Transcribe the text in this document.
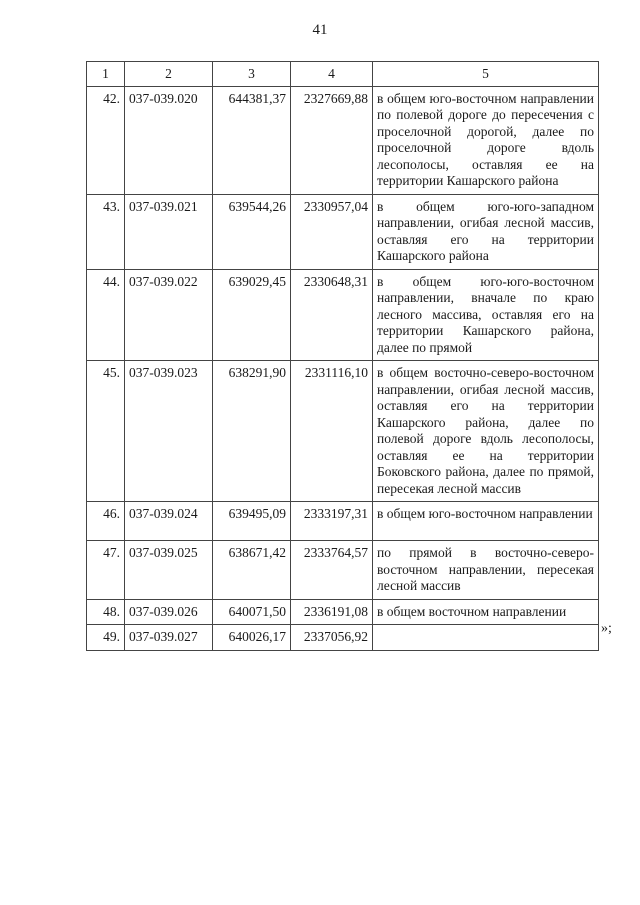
41
1	2	3	4	5
42.	037-039.020	644381,37	2327669,88	в общем юго-восточном направлении по полевой дороге до пересечения с проселочной дорогой, далее по проселочной дороге вдоль лесополосы, оставляя ее на территории Кашарского района
43.	037-039.021	639544,26	2330957,04	в общем юго-юго-западном направлении, огибая лесной массив, оставляя его на территории Кашарского района
44.	037-039.022	639029,45	2330648,31	в общем юго-юго-восточном направлении, вначале по краю лесного массива, оставляя его на территории Кашарского района, далее по прямой
45.	037-039.023	638291,90	2331116,10	в общем восточно-северо-восточном направлении, огибая лесной массив, оставляя его на территории Кашарского района, далее по полевой дороге вдоль лесополосы, оставляя ее на территории Боковского района, далее по прямой, пересекая лесной массив
46.	037-039.024	639495,09	2333197,31	в общем юго-восточном направлении
47.	037-039.025	638671,42	2333764,57	по прямой в восточно-северо-восточном направлении, пересекая лесной массив
48.	037-039.026	640071,50	2336191,08	в общем восточном направлении
49.	037-039.027	640026,17	2337056,92	
»;
